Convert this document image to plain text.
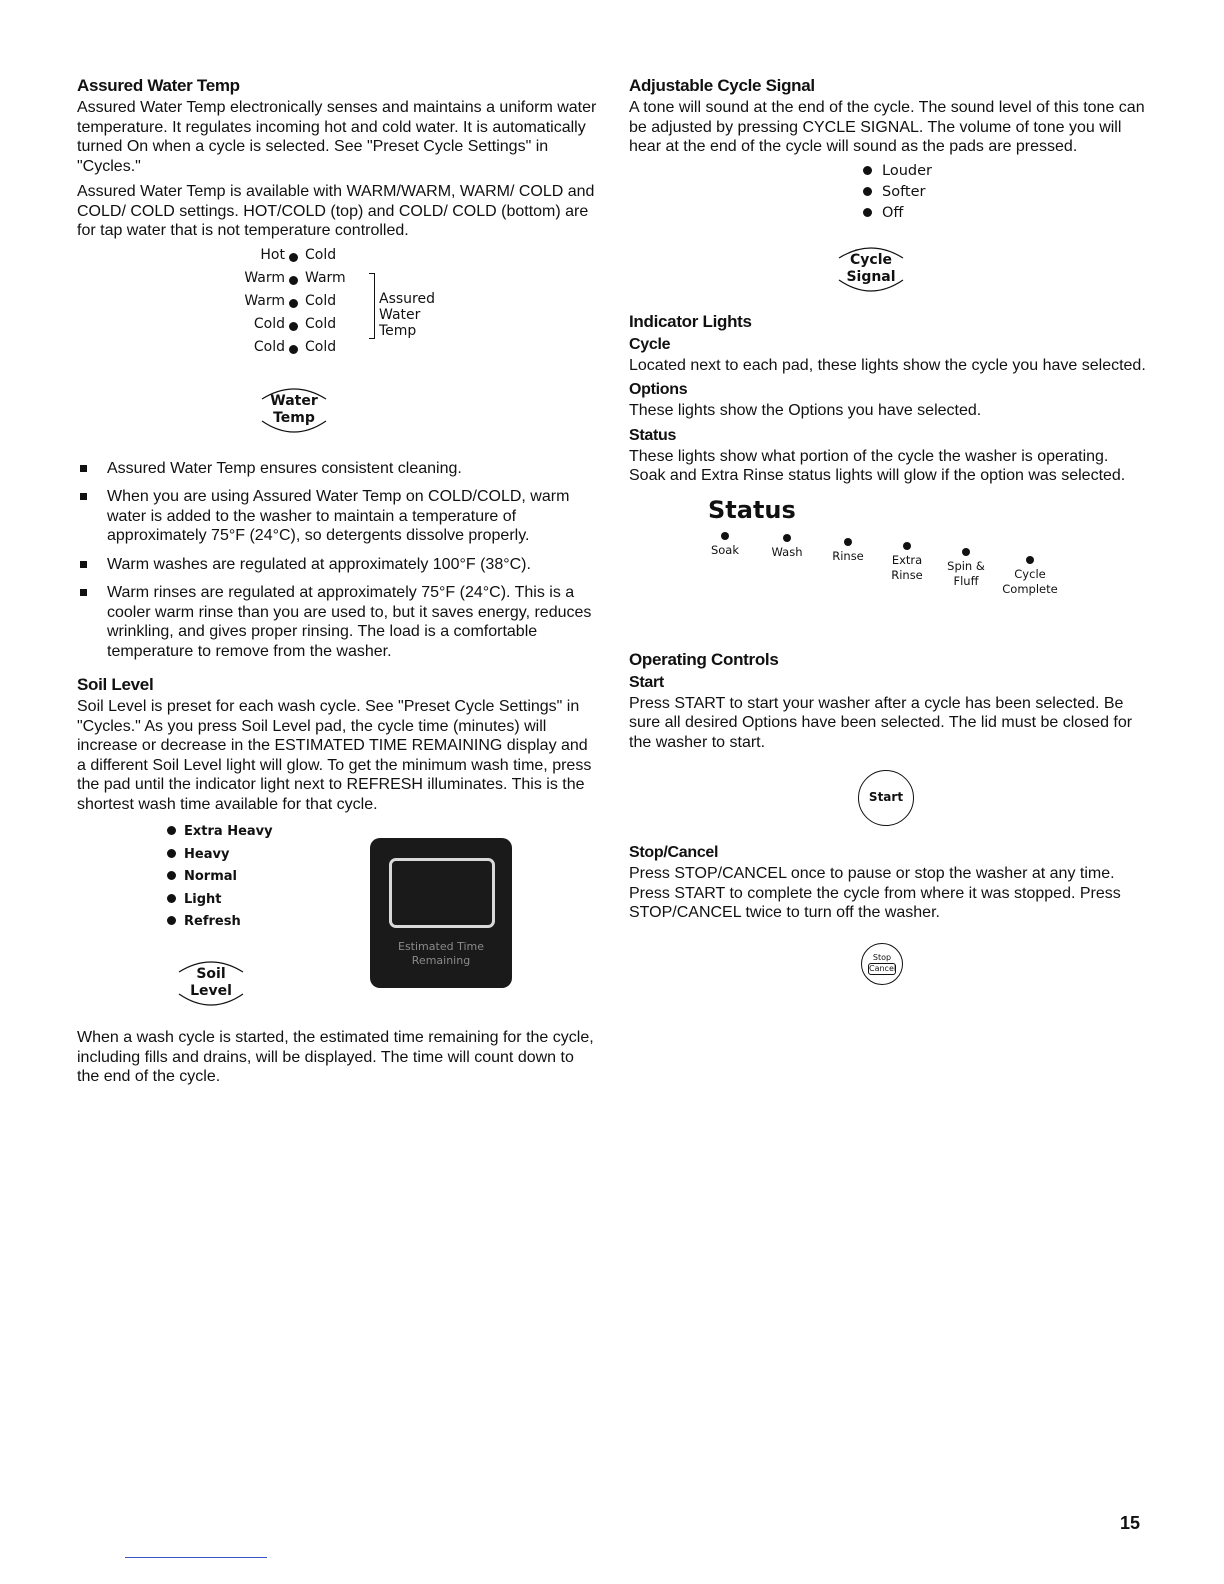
Assured Water Temp

Assured Water Temp electronically senses and maintains a uniform water temperature. It regulates incoming hot and cold water. It is automatically turned On when a cycle is selected. See "Preset Cycle Settings" in "Cycles."

Assured Water Temp is available with WARM/WARM, WARM/ COLD and COLD/ COLD settings. HOT/COLD (top) and COLD/ COLD (bottom) are for tap water that is not temperature controlled.

Hot Cold
Warm Warm
Warm Cold
Cold Cold
Cold Cold
Assured
Water
Temp
Water
Temp
Assured Water Temp ensures consistent cleaning.
When you are using Assured Water Temp on COLD/COLD, warm water is added to the washer to maintain a temperature of approximately 75°F (24°C), so detergents dissolve properly.
Warm washes are regulated at approximately 100°F (38°C).
Warm rinses are regulated at approximately 75°F (24°C). This is a cooler warm rinse than you are used to, but it saves energy, reduces wrinkling, and gives proper rinsing. The load is a comfortable temperature to remove from the washer.
Soil Level

Soil Level is preset for each wash cycle. See "Preset Cycle Settings" in "Cycles." As you press Soil Level pad, the cycle time (minutes) will increase or decrease in the ESTIMATED TIME REMAINING display and a different Soil Level light will glow. To get the minimum wash time, press the pad until the indicator light next to REFRESH illuminates. This is the shortest wash time available for that cycle.

Extra Heavy
Heavy
Normal
Light
Refresh
Soil
Level
Estimated Time
Remaining

When a wash cycle is started, the estimated time remaining for the cycle, including fills and drains, will be displayed. The time will count down to the end of the cycle.

Adjustable Cycle Signal

A tone will sound at the end of the cycle. The sound level of this tone can be adjusted by pressing CYCLE SIGNAL. The volume of tone you will hear at the end of the cycle will sound as the pads are pressed.

Louder
Softer
Off
Cycle
Signal
Indicator Lights
Cycle

Located next to each pad, these lights show the cycle you have selected.

Options

These lights show the Options you have selected.

Status

These lights show what portion of the cycle the washer is operating. Soak and Extra Rinse status lights will glow if the option was selected.

Status
Soak	Wash	Rinse	Extra Rinse
Spin & Fluff	Cycle Complete
Operating Controls
Start

Press START to start your washer after a cycle has been selected. Be sure all desired Options have been selected. The lid must be closed for the washer to start.

Start
Stop/Cancel

Press STOP/CANCEL once to pause or stop the washer at any time. Press START to complete the cycle from where it was stopped. Press STOP/CANCEL twice to turn off the washer.

Stop
Cancel
15
